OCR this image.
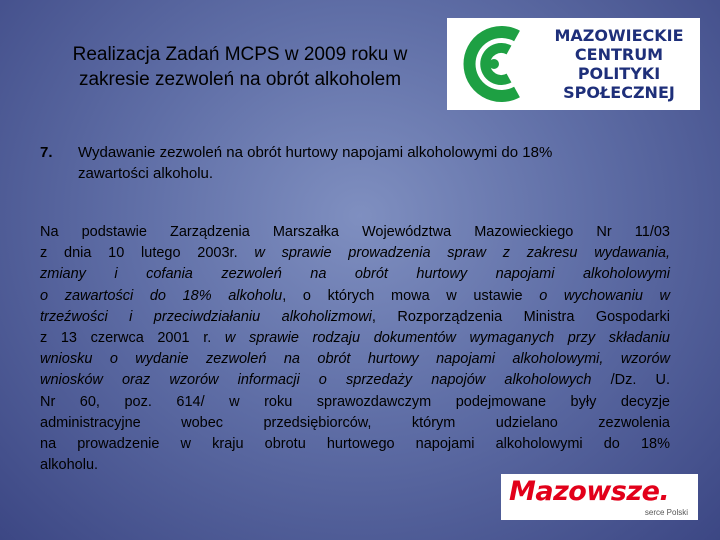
Realizacja Zadań MCPS w 2009 roku w
zakresie zezwoleń na obrót alkoholem
MAZOWIECKIE
CENTRUM
POLITYKI
SPOŁECZNEJ
7. Wydawanie zezwoleń na obrót hurtowy napojami alkoholowymi do 18%
zawartości alkoholu.
Na podstawie Zarządzenia Marszałka Województwa Mazowieckiego Nr 11/03
z dnia 10 lutego 2003r. w sprawie prowadzenia spraw z zakresu wydawania,
zmiany i cofania zezwoleń na obrót hurtowy napojami alkoholowymi
o zawartości do 18% alkoholu, o których mowa w ustawie o wychowaniu w
trzeźwości i przeciwdziałaniu alkoholizmowi, Rozporządzenia Ministra Gospodarki
z 13 czerwca 2001 r. w sprawie rodzaju dokumentów wymaganych przy składaniu
wniosku o wydanie zezwoleń na obrót hurtowy napojami alkoholowymi, wzorów
wniosków oraz wzorów informacji o sprzedaży napojów alkoholowych /Dz. U.
Nr 60, poz. 614/ w roku sprawozdawczym podejmowane były decyzje
administracyjne wobec przedsiębiorców, którym udzielano zezwolenia
na prowadzenie w kraju obrotu hurtowego napojami alkoholowymi do 18%
alkoholu.
Mazowsze.
serce Polski
